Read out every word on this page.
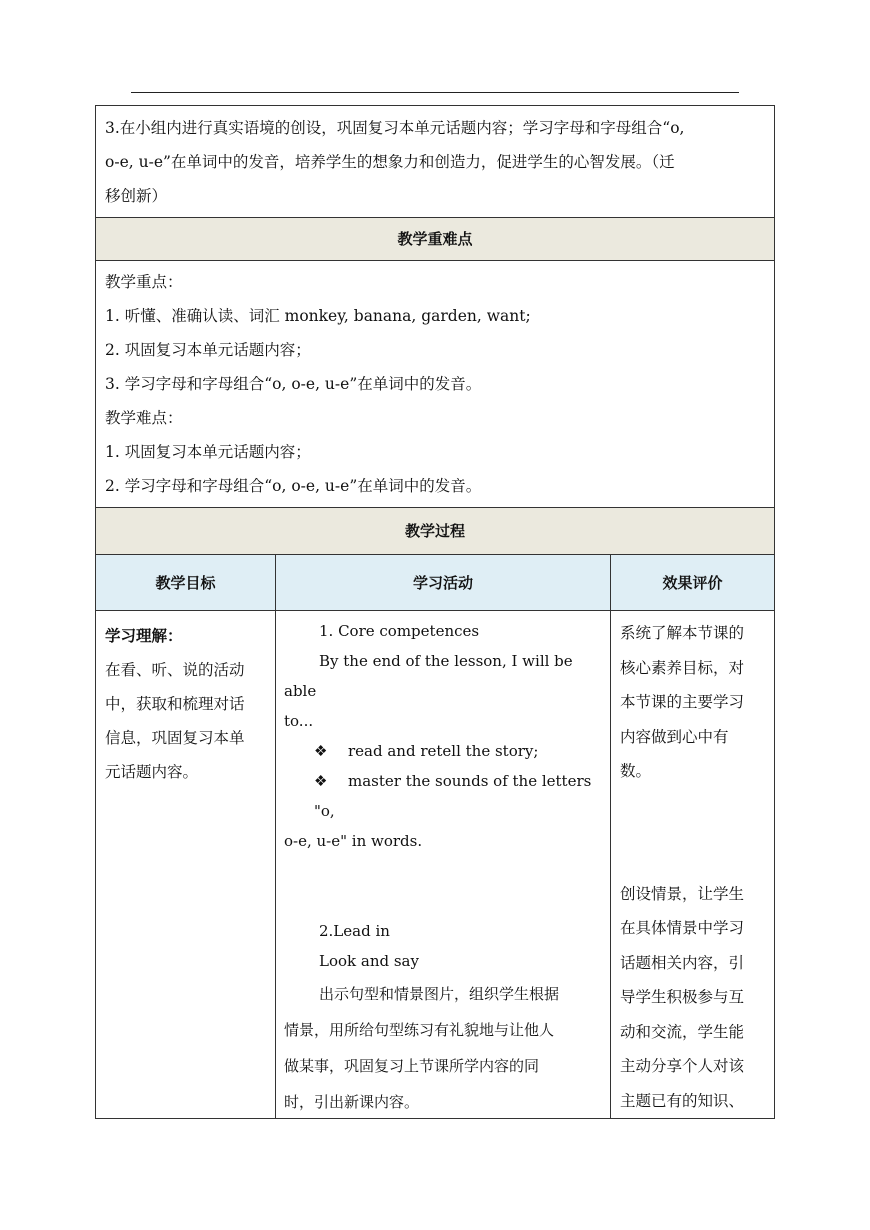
3.在小组内进行真实语境的创设，巩固复习本单元话题内容；学习字母和字母组合“o,

o-e, u-e”在单词中的发音，培养学生的想象力和创造力，促进学生的心智发展。（迁

移创新）

教学重难点

教学重点：

1. 听懂、准确认读、词汇 monkey, banana, garden, want;

2. 巩固复习本单元话题内容；

3. 学习字母和字母组合“o, o-e, u-e”在单词中的发音。

教学难点：

1. 巩固复习本单元话题内容；

2. 学习字母和字母组合“o, o-e, u-e”在单词中的发音。

教学过程
教学目标	学习活动	效果评价

学习理解：

在看、听、说的活动

中，获取和梳理对话

信息，巩固复习本单

元话题内容。

1. Core competences

By the end of the lesson, I will be able

to...

❖ read and retell the story;

❖ master the sounds of the letters "o,

o-e, u-e" in words.

2.Lead in

Look and say

出示句型和情景图片，组织学生根据

情景，用所给句型练习有礼貌地与让他人

做某事，巩固复习上节课所学内容的同

时，引出新课内容。

系统了解本节课的

核心素养目标，对

本节课的主要学习

内容做到心中有

数。

创设情景，让学生

在具体情景中学习

话题相关内容，引

导学生积极参与互

动和交流，学生能

主动分享个人对该

主题已有的知识、
